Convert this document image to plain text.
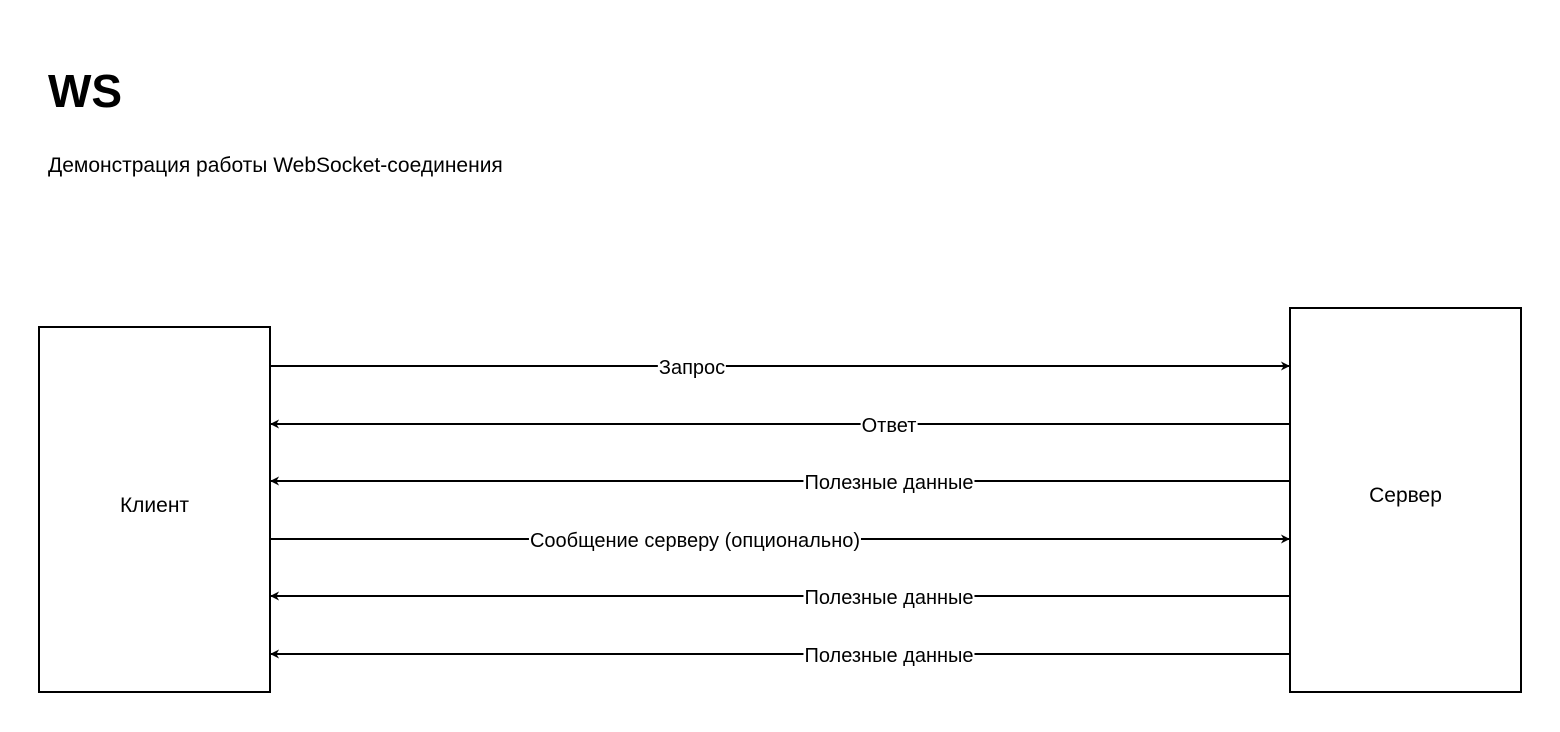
WS

Демонстрация работы WebSocket-соединения

Клиент	Сервер
Запрос
Ответ
Полезные данные
Сообщение серверу (опционально)
Полезные данные
Полезные данные
